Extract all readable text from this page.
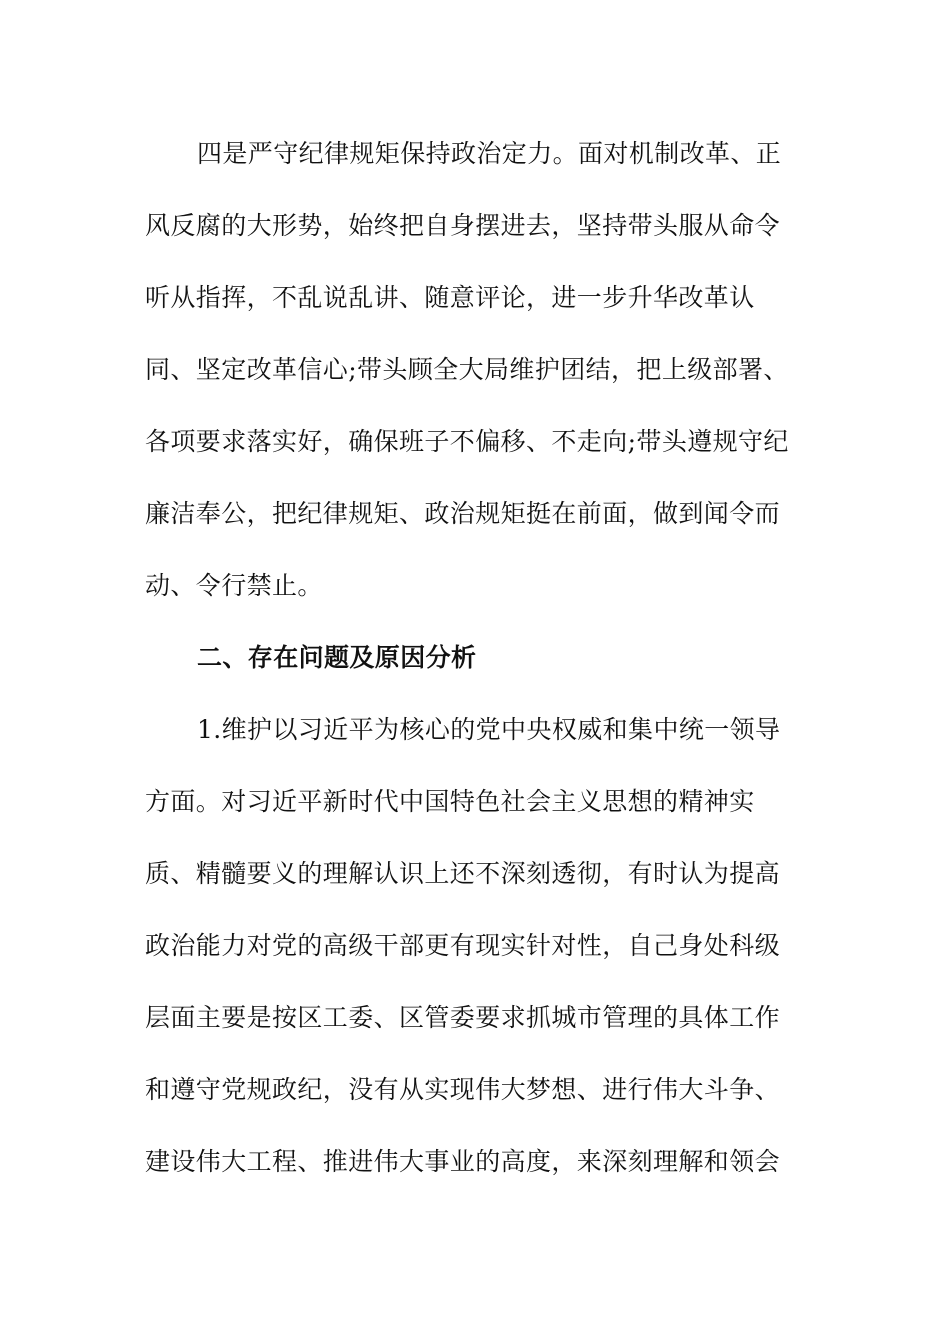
四是严守纪律规矩保持政治定力。面对机制改革、正
风反腐的大形势，始终把自身摆进去，坚持带头服从命令
听从指挥，不乱说乱讲、随意评论，进一步升华改革认
同、坚定改革信心;带头顾全大局维护团结，把上级部署、
各项要求落实好，确保班子不偏移、不走向;带头遵规守纪
廉洁奉公，把纪律规矩、政治规矩挺在前面，做到闻令而
动、令行禁止。
二、存在问题及原因分析
1.维护以习近平为核心的党中央权威和集中统一领导
方面。对习近平新时代中国特色社会主义思想的精神实
质、精髓要义的理解认识上还不深刻透彻，有时认为提高
政治能力对党的高级干部更有现实针对性，自己身处科级
层面主要是按区工委、区管委要求抓城市管理的具体工作
和遵守党规政纪，没有从实现伟大梦想、进行伟大斗争、
建设伟大工程、推进伟大事业的高度，来深刻理解和领会
